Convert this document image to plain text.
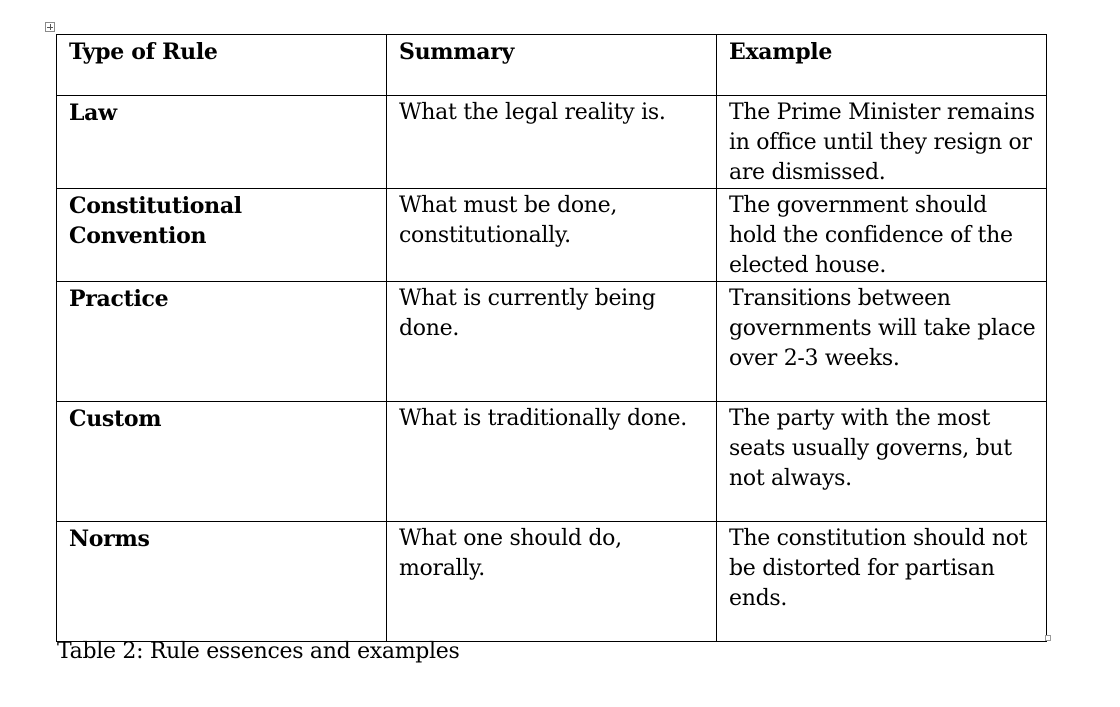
Type of Rule	Summary	Example
Law	What the legal reality is.	The Prime Minister remains in office until they resign or are dismissed.
Constitutional Convention	What must be done, constitutionally.	The government should hold the confidence of the elected house.
Practice	What is currently being done.	Transitions between governments will take place over 2-3 weeks.
Custom	What is traditionally done.	The party with the most seats usually governs, but not always.
Norms	What one should do, morally.	The constitution should not be distorted for partisan ends.
Table 2: Rule essences and examples
